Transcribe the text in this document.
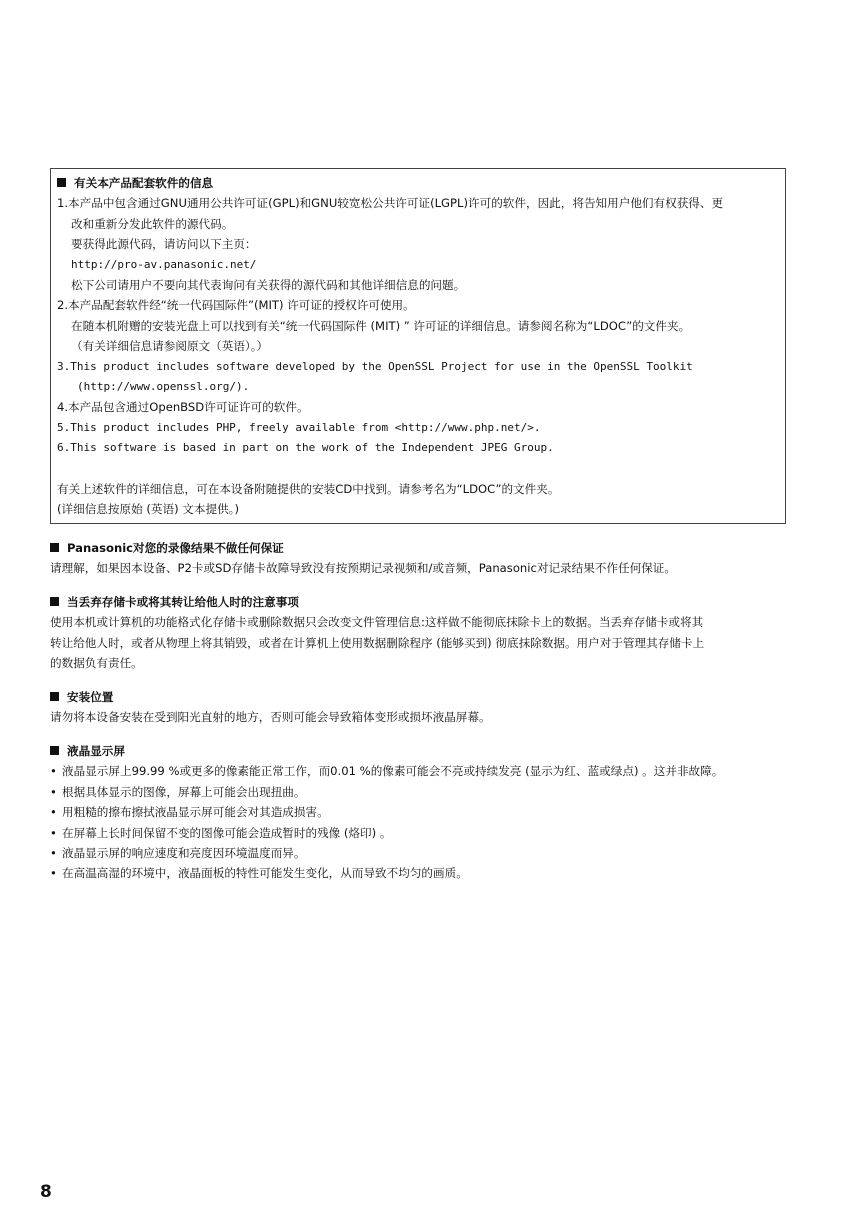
有关本产品配套软件的信息
1.本产品中包含通过GNU通用公共许可证(GPL)和GNU较宽松公共许可证(LGPL)许可的软件，因此，将告知用户他们有权获得、更
改和重新分发此软件的源代码。
要获得此源代码，请访问以下主页：
http://pro-av.panasonic.net/
松下公司请用户不要向其代表询问有关获得的源代码和其他详细信息的问题。
2.本产品配套软件经“统一代码国际件”(MIT) 许可证的授权许可使用。
在随本机附赠的安装光盘上可以找到有关“统一代码国际件 (MIT) ” 许可证的详细信息。请参阅名称为“LDOC”的文件夹。
（有关详细信息请参阅原文（英语）。）
3.This product includes software developed by the OpenSSL Project for use in the OpenSSL Toolkit
(http://www.openssl.org/).
4.本产品包含通过OpenBSD许可证许可的软件。
5.This product includes PHP, freely available from <http://www.php.net/>.
6.This software is based in part on the work of the Independent JPEG Group.
有关上述软件的详细信息，可在本设备附随提供的安装CD中找到。请参考名为“LDOC”的文件夹。
(详细信息按原始 (英语) 文本提供。)
Panasonic对您的录像结果不做任何保证
请理解，如果因本设备、P2卡或SD存储卡故障导致没有按预期记录视频和/或音频，Panasonic对记录结果不作任何保证。
当丢弃存储卡或将其转让给他人时的注意事项
使用本机或计算机的功能格式化存储卡或删除数据只会改变文件管理信息:这样做不能彻底抹除卡上的数据。当丢弃存储卡或将其
转让给他人时，或者从物理上将其销毁，或者在计算机上使用数据删除程序 (能够买到) 彻底抹除数据。用户对于管理其存储卡上
的数据负有责任。
安装位置
请勿将本设备安装在受到阳光直射的地方，否则可能会导致箱体变形或损坏液晶屏幕。
液晶显示屏
• 液晶显示屏上99.99 %或更多的像素能正常工作，而0.01 %的像素可能会不亮或持续发亮 (显示为红、蓝或绿点) 。这并非故障。
• 根据具体显示的图像，屏幕上可能会出现扭曲。
• 用粗糙的擦布擦拭液晶显示屏可能会对其造成损害。
• 在屏幕上长时间保留不变的图像可能会造成暂时的残像 (烙印) 。
• 液晶显示屏的响应速度和亮度因环境温度而异。
• 在高温高湿的环境中，液晶面板的特性可能发生变化，从而导致不均匀的画质。
8
